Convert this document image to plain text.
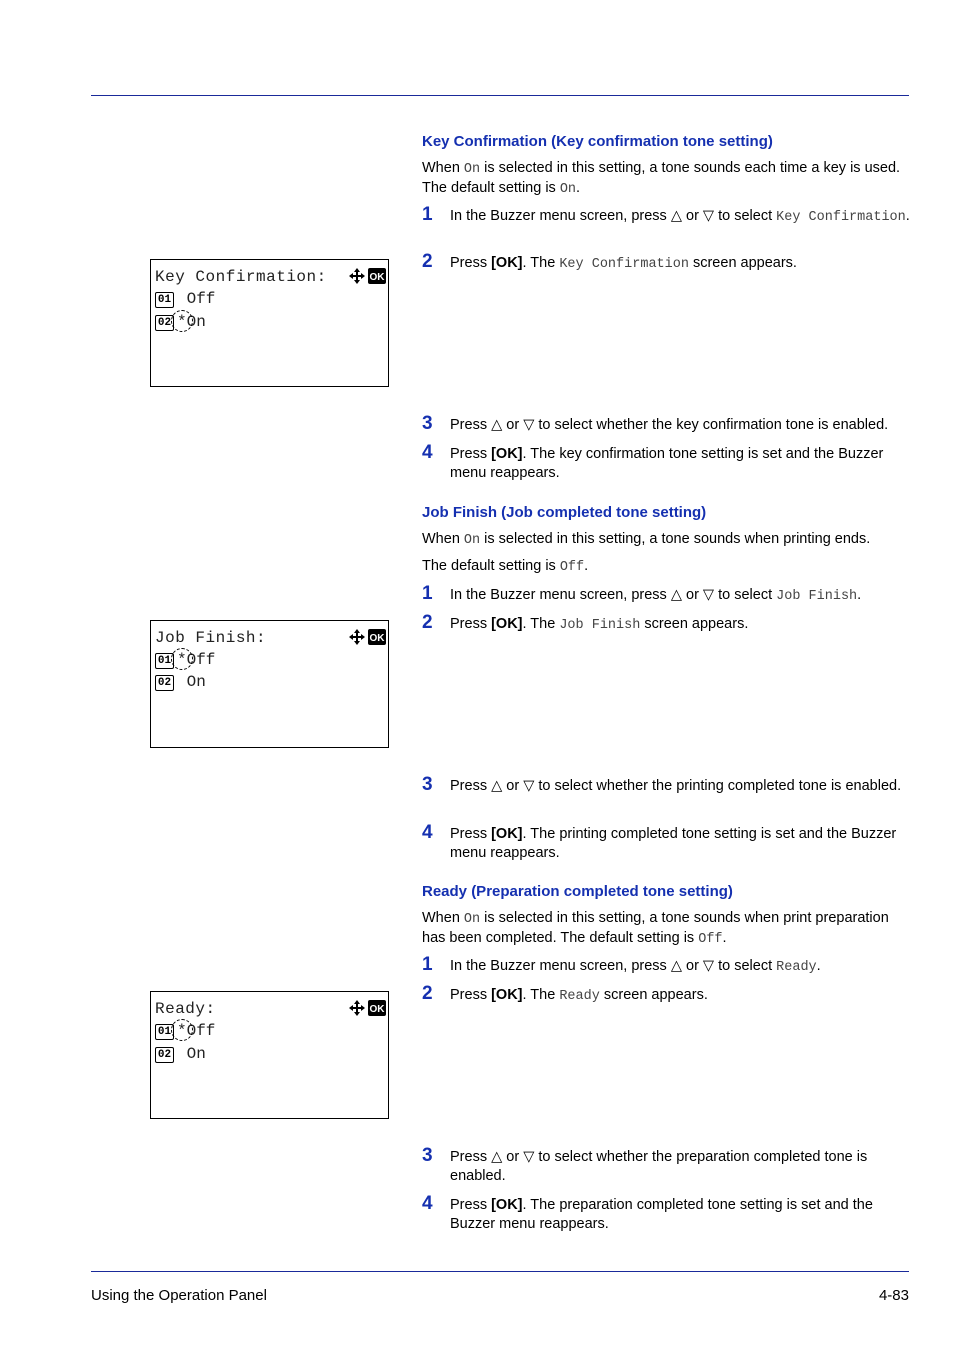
Key Confirmation (Key confirmation tone setting)
When On is selected in this setting, a tone sounds each time a key is used. The default setting is On.
1 In the Buzzer menu screen, press △ or ▽ to select Key Confirmation.
2 Press [OK]. The Key Confirmation screen appears.
3 Press △ or ▽ to select whether the key confirmation tone is enabled.
4 Press [OK]. The key confirmation tone setting is set and the Buzzer menu reappears.
Key Confirmation:	OK
01 Off
02 *On
Job Finish (Job completed tone setting)
When On is selected in this setting, a tone sounds when printing ends.
The default setting is Off.
1 In the Buzzer menu screen, press △ or ▽ to select Job Finish.
2 Press [OK]. The Job Finish screen appears.
3 Press △ or ▽ to select whether the printing completed tone is enabled.
4 Press [OK]. The printing completed tone setting is set and the Buzzer menu reappears.
Job Finish:	OK
01 *Off
02 On
Ready (Preparation completed tone setting)
When On is selected in this setting, a tone sounds when print preparation has been completed. The default setting is Off.
1 In the Buzzer menu screen, press △ or ▽ to select Ready.
2 Press [OK]. The Ready screen appears.
3 Press △ or ▽ to select whether the preparation completed tone is enabled.
4 Press [OK]. The preparation completed tone setting is set and the Buzzer menu reappears.
Ready:	OK
01 *Off
02 On
Using the Operation Panel	4-83
